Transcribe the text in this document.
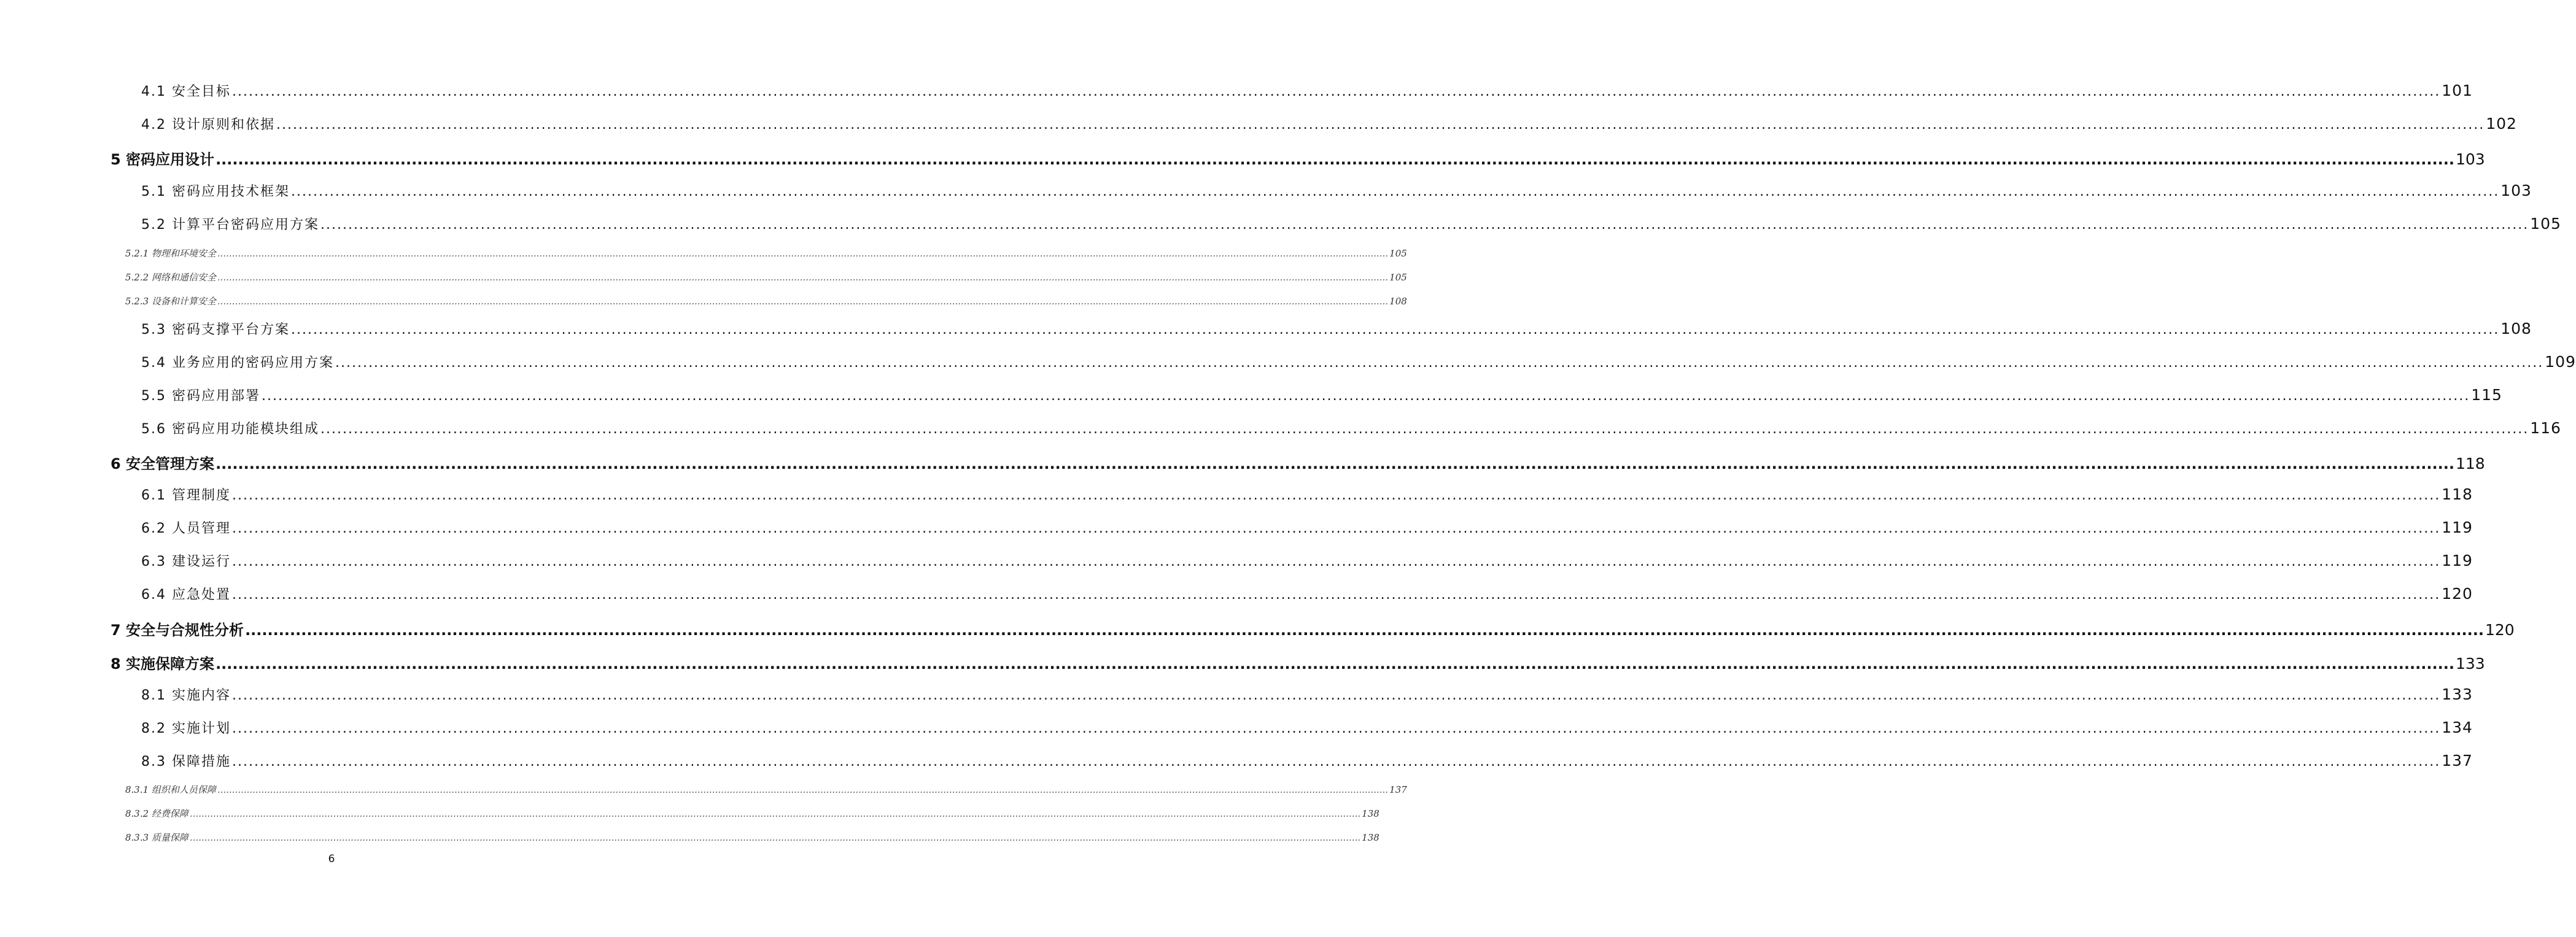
4.1 安全目标 ................................................................................................................................................................................................................................................................................................................................................................................................................ 101
4.2 设计原则和依据 ................................................................................................................................................................................................................................................................................................................................................................................................................ 102
5 密码应用设计 ................................................................................................................................................................................................................................................................................................................................................................................................................ 103
5.1 密码应用技术框架 ................................................................................................................................................................................................................................................................................................................................................................................................................ 103
5.2 计算平台密码应用方案 ................................................................................................................................................................................................................................................................................................................................................................................................................ 105
5.2.1 物理和环境安全 ................................................................................................................................................................................................................................................................................................................................................................................................................ 105
5.2.2 网络和通信安全 ................................................................................................................................................................................................................................................................................................................................................................................................................ 105
5.2.3 设备和计算安全 ................................................................................................................................................................................................................................................................................................................................................................................................................ 108
5.3 密码支撑平台方案 ................................................................................................................................................................................................................................................................................................................................................................................................................ 108
5.4 业务应用的密码应用方案 ................................................................................................................................................................................................................................................................................................................................................................................................................ 109
5.5 密码应用部署 ................................................................................................................................................................................................................................................................................................................................................................................................................ 115
5.6 密码应用功能模块组成 ................................................................................................................................................................................................................................................................................................................................................................................................................ 116
6 安全管理方案 ................................................................................................................................................................................................................................................................................................................................................................................................................ 118
6.1 管理制度 ................................................................................................................................................................................................................................................................................................................................................................................................................ 118
6.2 人员管理 ................................................................................................................................................................................................................................................................................................................................................................................................................ 119
6.3 建设运行 ................................................................................................................................................................................................................................................................................................................................................................................................................ 119
6.4 应急处置 ................................................................................................................................................................................................................................................................................................................................................................................................................ 120
7 安全与合规性分析 ................................................................................................................................................................................................................................................................................................................................................................................................................ 120
8 实施保障方案 ................................................................................................................................................................................................................................................................................................................................................................................................................ 133
8.1 实施内容 ................................................................................................................................................................................................................................................................................................................................................................................................................ 133
8.2 实施计划 ................................................................................................................................................................................................................................................................................................................................................................................................................ 134
8.3 保障措施 ................................................................................................................................................................................................................................................................................................................................................................................................................ 137
8.3.1 组织和人员保障 ................................................................................................................................................................................................................................................................................................................................................................................................................ 137
8.3.2 经费保障 ................................................................................................................................................................................................................................................................................................................................................................................................................ 138
8.3.3 质量保障 ................................................................................................................................................................................................................................................................................................................................................................................................................ 138
6
